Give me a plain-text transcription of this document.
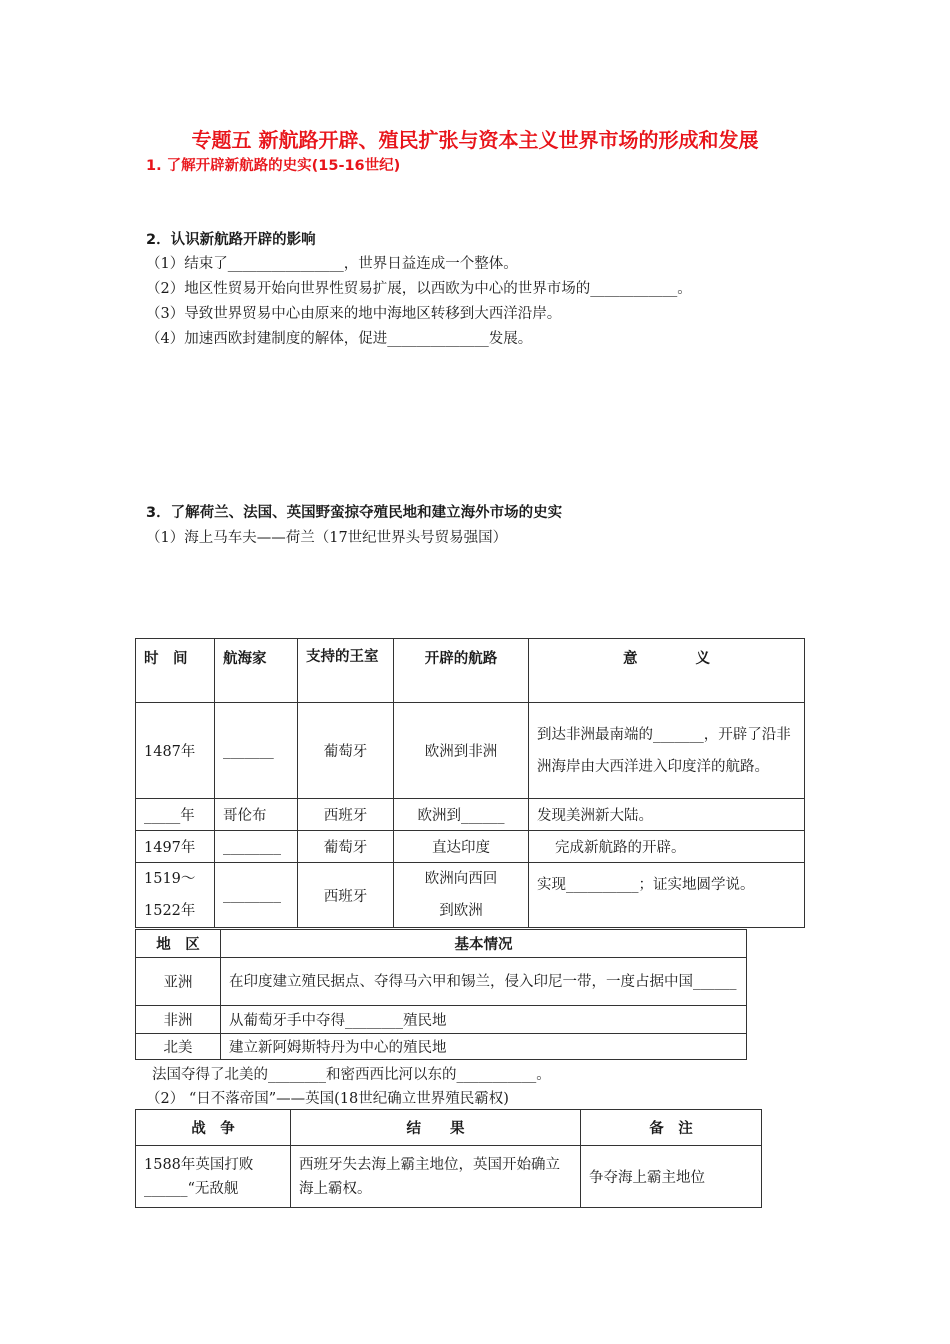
专题五 新航路开辟、殖民扩张与资本主义世界市场的形成和发展
1. 了解开辟新航路的史实(15-16世纪)
2．认识新航路开辟的影响
（1）结束了________________，世界日益连成一个整体。
（2）地区性贸易开始向世界性贸易扩展，以西欧为中心的世界市场的____________。
（3）导致世界贸易中心由原来的地中海地区转移到大西洋沿岸。
（4）加速西欧封建制度的解体，促进______________发展。
3．了解荷兰、法国、英国野蛮掠夺殖民地和建立海外市场的史实
（1）海上马车夫——荷兰（17世纪世界头号贸易强国）
时　间	航海家	支持的王室	开辟的航路	意　　　　义
1487年	_______	葡萄牙	欧洲到非洲	到达非洲最南端的_______，开辟了沿非洲海岸由大西洋进入印度洋的航路。
_____年	哥伦布	西班牙	欧洲到______	发现美洲新大陆。
1497年	________	葡萄牙	直达印度	完成新航路的开辟。
1519～1522年	________	西班牙	欧洲向西回到欧洲	实现__________；证实地圆学说。
地　区	基本情况
亚洲	在印度建立殖民据点、夺得马六甲和锡兰，侵入印尼一带，一度占据中国______
非洲	从葡萄牙手中夺得________殖民地
北美	建立新阿姆斯特丹为中心的殖民地
法国夺得了北美的________和密西西比河以东的___________。
（2） “日不落帝国”——英国(18世纪确立世界殖民霸权)
战　争	结　　果	备　注
1588年英国打败______“无敌舰	西班牙失去海上霸主地位，英国开始确立海上霸权。	争夺海上霸主地位
